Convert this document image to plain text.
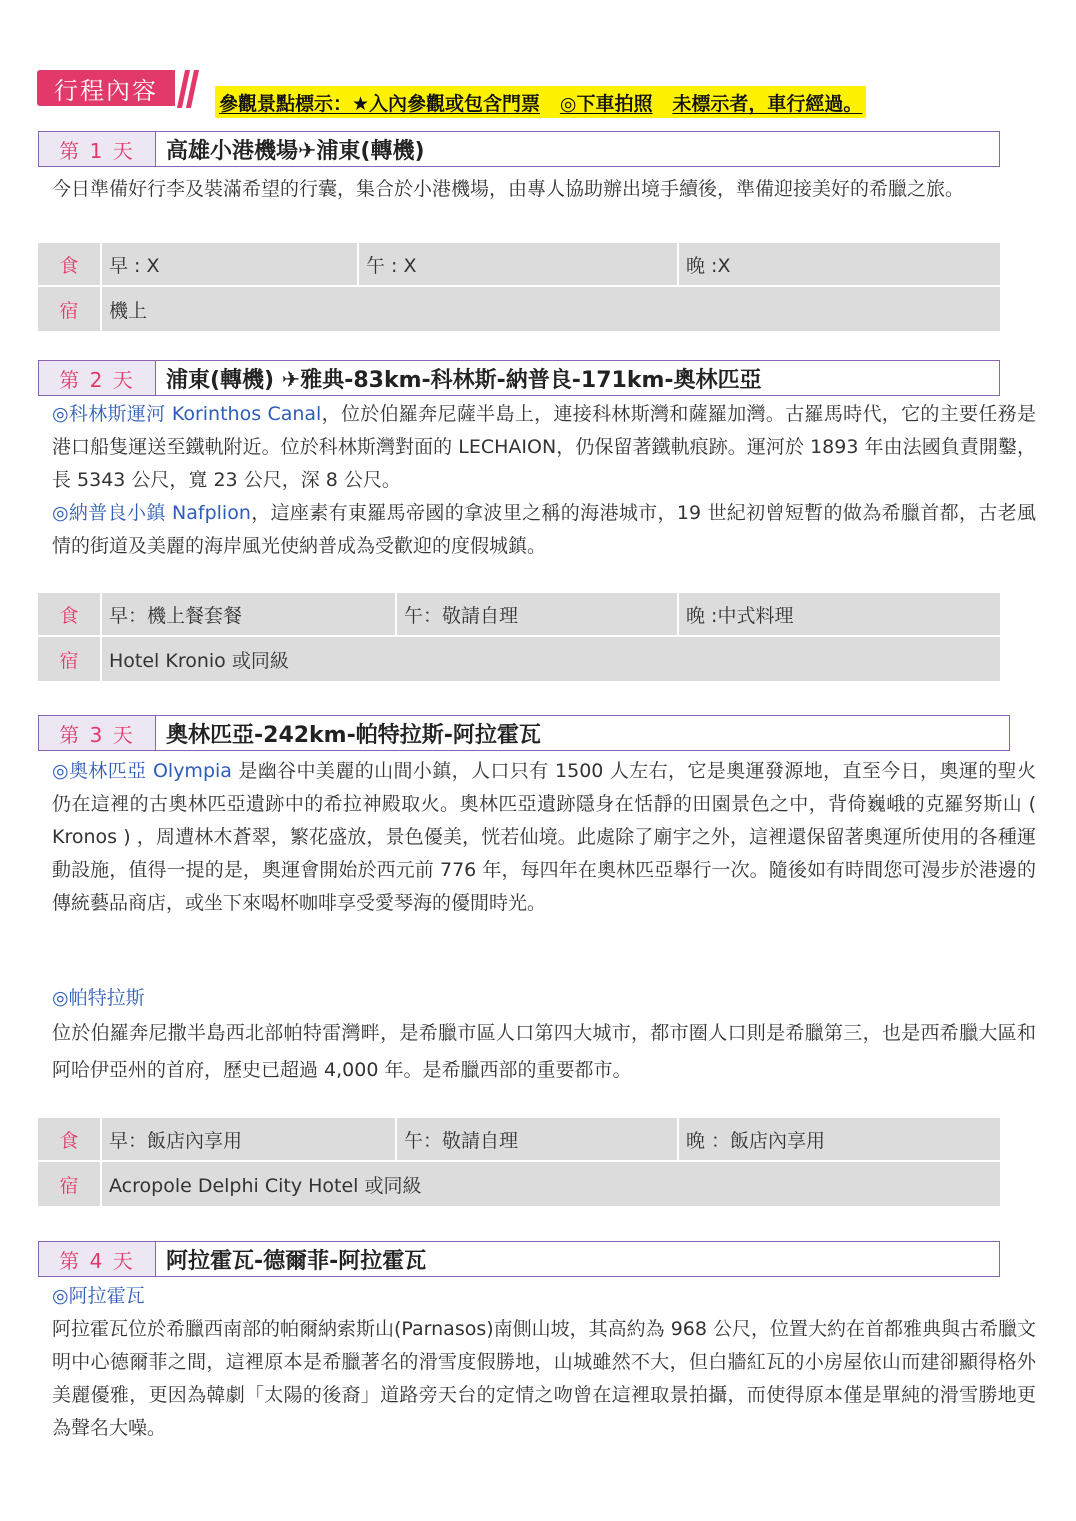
行程內容	參觀景點標示： ★入內參觀或包含門票
◎下車拍照
未標示者，車行經過。
第 1 天	高雄小港機場✈浦東(轉機)
今日準備好行李及裝滿希望的行囊，集合於小港機場，由專人協助辦出境手續後，準備迎接美好的希臘之旅。
食	早 : X	午 : X	晚 :X
宿	機上
第 2 天	浦東(轉機) ✈雅典-83km-科林斯-納普良-171km-奧林匹亞
◎科林斯運河 Korinthos Canal，位於伯羅奔尼薩半島上，連接科林斯灣和薩羅加灣。古羅馬時代，它的主要任務是港口船隻運送至鐵軌附近。位於科林斯灣對面的 LECHAION，仍保留著鐵軌痕跡。運河於 1893 年由法國負責開鑿，長 5343 公尺，寬 23 公尺，深 8 公尺。
◎納普良小鎮 Nafplion，這座素有東羅馬帝國的拿波里之稱的海港城市，19 世紀初曾短暫的做為希臘首都，古老風情的街道及美麗的海岸風光使納普成為受歡迎的度假城鎮。
食	早：機上餐套餐	午：敬請自理	晚 :中式料理
宿	Hotel Kronio 或同級
第 3 天	奧林匹亞-242km-帕特拉斯-阿拉霍瓦
◎奧林匹亞 Olympia 是幽谷中美麗的山間小鎮，人口只有 1500 人左右，它是奧運發源地，直至今日，奧運的聖火仍在這裡的古奧林匹亞遺跡中的希拉神殿取火。奧林匹亞遺跡隱身在恬靜的田園景色之中，背倚巍峨的克羅努斯山 ( Kronos ) ，周遭林木蒼翠，繁花盛放，景色優美，恍若仙境。此處除了廟宇之外，這裡還保留著奧運所使用的各種運動設施，值得一提的是，奧運會開始於西元前 776 年，每四年在奧林匹亞舉行一次。隨後如有時間您可漫步於港邊的傳統藝品商店，或坐下來喝杯咖啡享受愛琴海的優閒時光。
◎帕特拉斯
位於伯羅奔尼撒半島西北部帕特雷灣畔，是希臘市區人口第四大城市，都市圈人口則是希臘第三，也是西希臘大區和阿哈伊亞州的首府，歷史已超過 4,000 年。是希臘西部的重要都市。
食	早：飯店內享用	午：敬請自理	晚 ：飯店內享用
宿	Acropole Delphi City Hotel 或同級
第 4 天	阿拉霍瓦-德爾菲-阿拉霍瓦
◎阿拉霍瓦
阿拉霍瓦位於希臘西南部的帕爾納索斯山(Parnasos)南側山坡，其高約為 968 公尺，位置大約在首都雅典與古希臘文明中心德爾菲之間，這裡原本是希臘著名的滑雪度假勝地，山城雖然不大，但白牆紅瓦的小房屋依山而建卻顯得格外美麗優雅，更因為韓劇「太陽的後裔」道路旁天台的定情之吻曾在這裡取景拍攝，而使得原本僅是單純的滑雪勝地更為聲名大噪。
